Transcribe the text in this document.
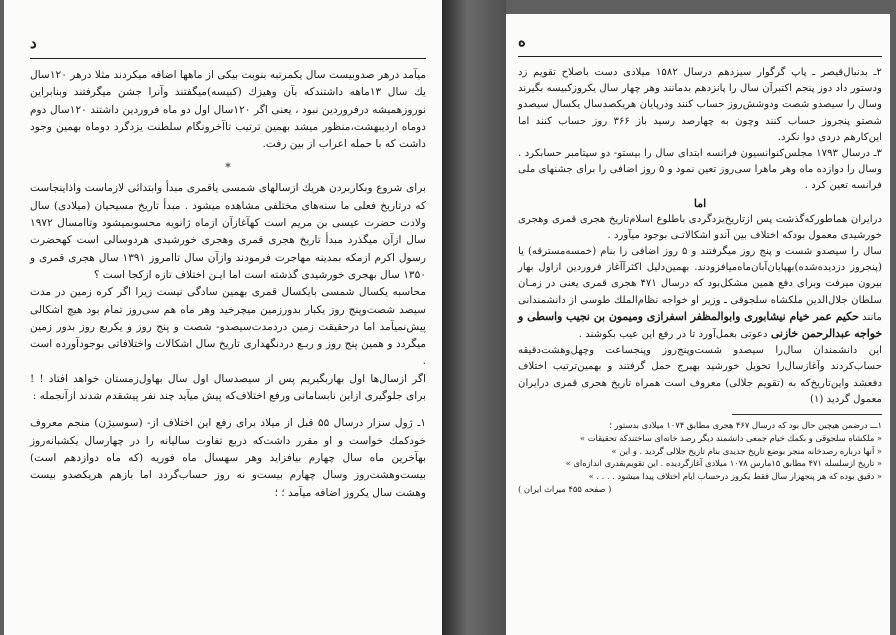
د

میآمد درهر صدوبیست سال یکمرتبه بنوبت بیکی از ماهها اضافه میکردند مثلا درهر ۱۲۰سال یك سال ۱۳ماهه داشتندکه بآن وهیزك (کبیسه)میگفتند وآنرا جشن میگرفتند وبنابراین نوروزهمیشه درفروردین نبود ، یعنی اگر ۱۲۰سال اول دو ماه فروردین داشتند ۱۲۰سال دوم دوماه اردیبهشت،منظور میشد بهمین ترتیب تاآخرونگام سلطنت یزدگرد دوماه بهمین وجود داشت که با حمله اعراب از بین رفت.

*

برای شروع وبکاربردن هریك ازسالهای شمسی یاقمری مبدأ وابتدائی لازماست واذاینجاست که درتاریخ فعلی ما سنه‌های مختلفی مشاهده میشود . مبدأ تاریخ مسیحیان (میلادی) سال ولادت حضرت عیسی بن مریم است کهآغازآن ازماه ژانویه محسوبمیشود وتاامسال ۱۹۷۲ سال ازآن میگذرد مبدأ تاریخ هجری قمری وهجری خورشیدی هردوسالی است کهحضرت رسول اکرم ازمکه بمدینه مهاجرت فرمودند وازآن سال تاامروز ۱۳۹۱ سال هجری قمری و ۱۳۵۰ سال بهجری خورشیدی گذشته است اما ایـن اختلاف تازه ازکجا است ؟

محاسبه یکسال شمسی بایکسال قمری بهمین سادگی نیست زیرا اگر کره زمین در مدت سیصد شصت‌وپنج روز یکبار بدورزمین میچرخید وهر ماه هم سی‌روز تمام بود هیچ اشکالی پیش‌نمیآمد اما درحقیقت زمین دردمدت‌سیصدو- شصت و پنج روز و یکربع روز بدور زمین میگردد و همین پنج روز و ربـع دردنگهداری تاریخ سال اشکالات واختلافاتی بوجودآورده است .

اگر ازسال‌ها اول بهاربگیریم پس از سیصدسال اول سال بهاول‌زمستان خواهد افتاد ! ! برای جلوگیری ازاین نابسامانی ورفع اختلاف‌که پیش میآید چند نفر پیشقدم شدند ازآنجمله :

۱ـ ژول سزار درسال ۵۵ قبل از میلاد برای رفع این اختلاف از- (سوسیژن) منجم معروف خودکمك خواست و او مقرر داشت‌که دربع تفاوت سالیانه را در چهارسال یکشبانه‌روز بهآخرین ماه سال چهارم بیافزاید وهر سهسال ماه فوریه (که ماه دوازدهم است) بیست‌وهشت‌روز وسال چهارم بیست‌و نه روز حساب‌گردد اما بازهم هریکصدو بیست وهشت سال یکروز اضافه میآمد ؛ ؛

ه

۲ـ بدنبال‌قیصر ـ پاپ گرگوار سیزدهم درسال ۱۵۸۲ میلادی دست باصلاح تقویم زد ودستور داد دوز پنجم اکتبرآن سال را پانزدهم بدمانند وهر چهار سال یکروزکبیسه بگیرند وسال را سیصدو شصت ودوشش‌روز حساب کنند ودرپایان هریکصدسال یکسال سیصدو شصتو پنجروز حساب کنند وچون به چهارصد رسید باز ۳۶۶ روز حساب کنند اما این‌کارهم دردی دوا نکرد.

۳ـ درسال ۱۷۹۳ مجلس‌کنوانسیون فرانسه ابتدای سال را بیستو- دو سپتامبر حسابکرد . وسال را دوازده ماه وهر ماهرا سی‌روز تعین نمود و ۵ روز اضافی را برای جشنهای ملی فرانسه تعین کرد .

اما

درایران هماطورکه‌گذشت پس ازتاریخ‌یزدگردی باطلوع اسلام‌تاریخ هجری قمری وهجری خورشیدی معمول بودکه اختلاف بین آندو اشکالاتـی بوجود میآورد .

سال را سیصدو شست و پنج روز میگرفتند و ۵ روز اضافی را بنام (خمسه‌مسترقه) یا (پنجروز دزدیده‌شده)بهپایان‌آبان‌ماه‌میافزودند. بهمین‌دلیل اکثرآ‌آغاز فروردین ازاول بهار بیرون میرفت وبرای دفع همین مشکل‌بود که درسال ۴۷۱ هجری قمری یعنی در زمـان سلطان جلال‌الدین ملکشاه سلجوقی ـ وزیر او خواجه نظام‌الملك طوسی از دانشمندانی مانند حکیم عمر خیام نیشابوری وابوالمظفر اسفرازی ومیمون بن نجیب واسطی و خواجه عبدالرحمن خازنی دعوتی بعمل‌آورد تا در رفع این عیب بکوشند .

این دانشمندان سال‌را سیصدو شست‌وپنج‌روز وپنجساعت وچهل‌وهشت‌دقیقه حساب‌کردند وآغازسال‌را تحویل خورشید بهبرج حمل گرفتند و بهمین‌ترتیب اختلاف دفعشد واین‌تاریخ‌که به (تقویم جلالی) معروف است همراه تاریخ هجری قمری درایران معمول گردید (۱)

۱ـــ درضمن هیچین حال بود که درسال ۴۶۷ هجری مطابق ۱۰۷۴ میلادی بدستور ؛

« ملکشاه سلجوقی و بکمك خیام جمعی دانشمند دیگر رصد خانه‌ای ساختندکه تحقیقات »

« آنها درباره رصدخانه منجر بوضع تاریخ جدیدی بنام تاریخ جلالی گردید . و این »

« تاریخ ازسلسله ۴۷۱ مطابق ۱۵مارس ۱۰۷۸ میلادی آغازگردیده . این تقویم‌بقدری اندازه‌ای »

« دقیق بوده که هر پنجهزار سال فقط یکروز درحساب ایام اختلاف پیدا میشود . . . . »

( صفحه ۴۵۵ میراث ایران )
